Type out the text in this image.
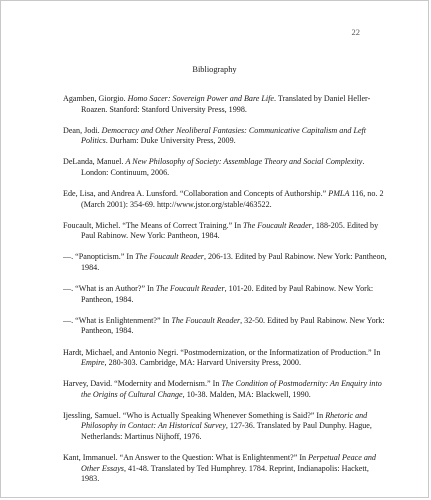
22
Bibliography

Agamben, Giorgio. Homo Sacer: Sovereign Power and Bare Life. Translated by Daniel Heller-Roazen. Stanford: Stanford University Press, 1998.

Dean, Jodi. Democracy and Other Neoliberal Fantasies: Communicative Capitalism and Left Politics. Durham: Duke University Press, 2009.

DeLanda, Manuel. A New Philosophy of Society: Assemblage Theory and Social Complexity. London: Continuum, 2006.

Ede, Lisa, and Andrea A. Lunsford. “Collaboration and Concepts of Authorship.” PMLA 116, no. 2 (March 2001): 354-69. http://www.jstor.org/stable/463522.

Foucault, Michel. “The Means of Correct Training.” In The Foucault Reader, 188-205. Edited by Paul Rabinow. New York: Pantheon, 1984.

—. “Panopticism.” In The Foucault Reader, 206-13. Edited by Paul Rabinow. New York: Pantheon, 1984.

—. “What is an Author?” In The Foucault Reader, 101-20. Edited by Paul Rabinow. New York: Pantheon, 1984.

—. “What is Enlightenment?” In The Foucault Reader, 32-50. Edited by Paul Rabinow. New York: Pantheon, 1984.

Hardt, Michael, and Antonio Negri. “Postmodernization, or the Informatization of Production.” In Empire, 280-303. Cambridge, MA: Harvard University Press, 2000.

Harvey, David. “Modernity and Modernism.” In The Condition of Postmodernity: An Enquiry into the Origins of Cultural Change, 10-38. Malden, MA: Blackwell, 1990.

Ijessling, Samuel. “Who is Actually Speaking Whenever Something is Said?” In Rhetoric and Philosophy in Contact: An Historical Survey, 127-36. Translated by Paul Dunphy. Hague, Netherlands: Martinus Nijhoff, 1976.

Kant, Immanuel. “An Answer to the Question: What is Enlightenment?” In Perpetual Peace and Other Essays, 41-48. Translated by Ted Humphrey. 1784. Reprint, Indianapolis: Hackett, 1983.
